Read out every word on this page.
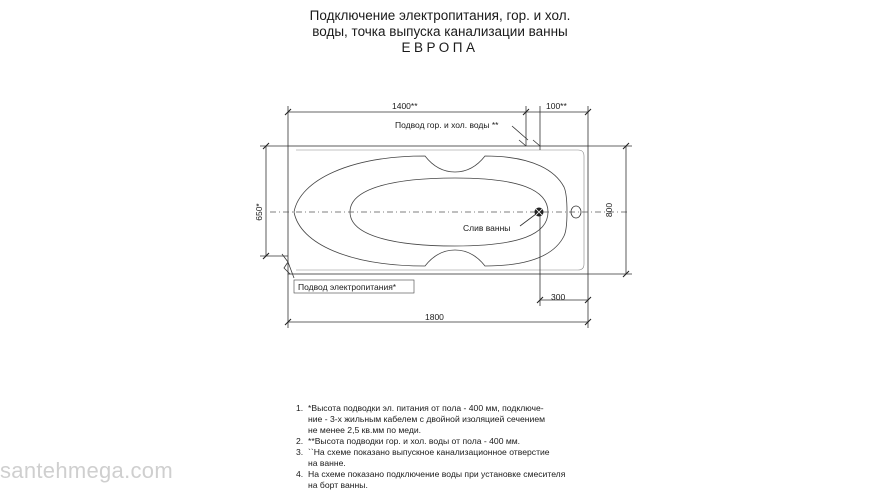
Подключение электропитания, гор. и хол.
воды, точка выпуска канализации ванны
ЕВРОПА
1400**	100**
Подвод гор. и хол. воды **
Слив ванны
Подвод электропитания*
300
1800
650*	800
1. *Высота подводки эл. питания от пола - 400 мм, подключе-
ние - 3-х жильным кабелем с двойной изоляцией сечением
не менее 2,5 кв.мм по меди.
2. **Высота подводки гор. и хол. воды от пола - 400 мм.
3. ``На схеме показано выпускное канализационное отверстие
на ванне.
4. На схеме показано подключение воды при установке смесителя
на борт ванны.
santehmega.com
